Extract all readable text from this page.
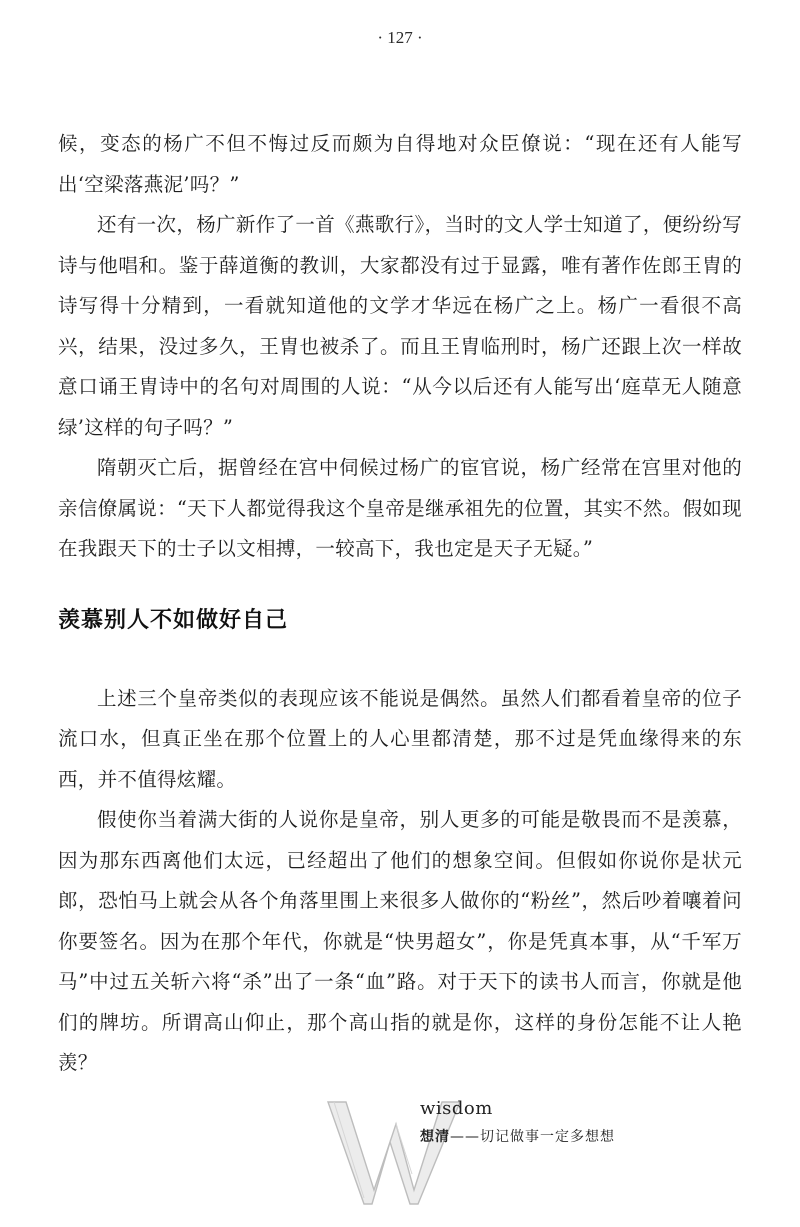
· 127 ·

候，变态的杨广不但不悔过反而颇为自得地对众臣僚说：“现在还有人能写出‘空梁落燕泥’吗？”

还有一次，杨广新作了一首《燕歌行》，当时的文人学士知道了，便纷纷写诗与他唱和。鉴于薛道衡的教训，大家都没有过于显露，唯有著作佐郎王胄的诗写得十分精到，一看就知道他的文学才华远在杨广之上。杨广一看很不高兴，结果，没过多久，王胄也被杀了。而且王胄临刑时，杨广还跟上次一样故意口诵王胄诗中的名句对周围的人说：“从今以后还有人能写出‘庭草无人随意绿’这样的句子吗？”

隋朝灭亡后，据曾经在宫中伺候过杨广的宦官说，杨广经常在宫里对他的亲信僚属说：“天下人都觉得我这个皇帝是继承祖先的位置，其实不然。假如现在我跟天下的士子以文相搏，一较高下，我也定是天子无疑。”

羡慕别人不如做好自己

上述三个皇帝类似的表现应该不能说是偶然。虽然人们都看着皇帝的位子流口水，但真正坐在那个位置上的人心里都清楚，那不过是凭血缘得来的东西，并不值得炫耀。

假使你当着满大街的人说你是皇帝，别人更多的可能是敬畏而不是羡慕，因为那东西离他们太远，已经超出了他们的想象空间。但假如你说你是状元郎，恐怕马上就会从各个角落里围上来很多人做你的“粉丝”，然后吵着嚷着问你要签名。因为在那个年代，你就是“快男超女”，你是凭真本事，从“千军万马”中过五关斩六将“杀”出了一条“血”路。对于天下的读书人而言，你就是他们的牌坊。所谓高山仰止，那个高山指的就是你，这样的身份怎能不让人艳羡？

wisdom
想清——切记做事一定多想想
